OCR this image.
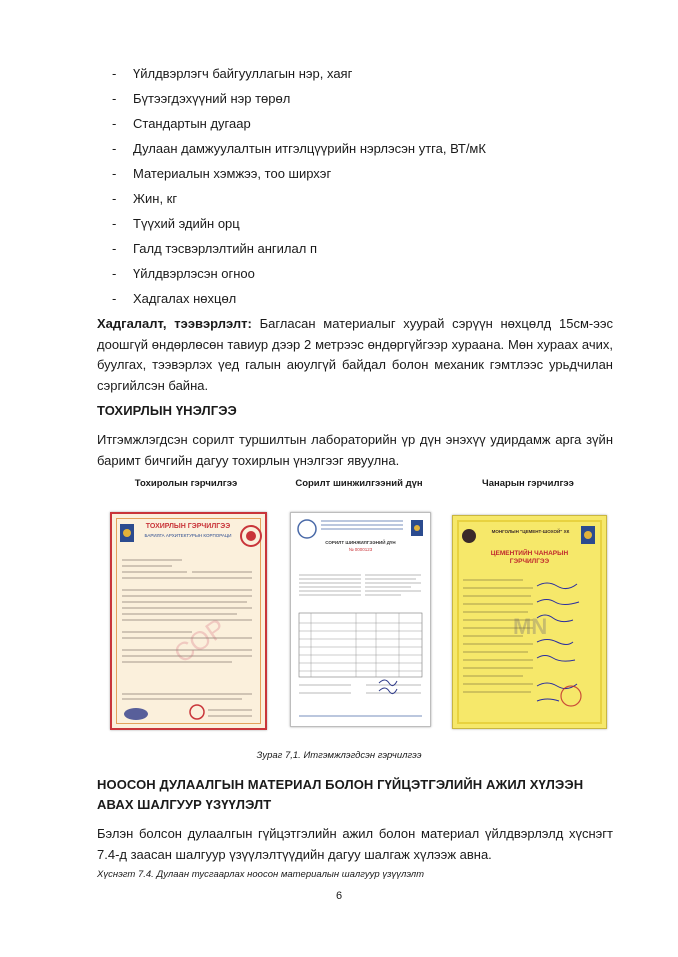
-	Үйлдвэрлэгч байгууллагын нэр, хаяг
-	Бүтээгдэхүүний нэр төрөл
-	Стандартын дугаар
-	Дулаан дамжуулалтын итгэлцүүрийн нэрлэсэн утга, ВТ/мК
-	Материалын хэмжээ, тоо ширхэг
-	Жин, кг
-	Түүхий эдийн орц
-	Галд тэсвэрлэлтийн ангилал п
-	Үйлдвэрлэсэн огноо
-	Хадгалах нөхцөл
Хадгалалт, тээвэрлэлт: Багласан материалыг хуурай сэрүүн нөхцөлд 15см-ээс доошгүй өндөрлөсөн тавиур дээр 2 метрээс өндөргүйгээр хураана. Мөн хураах ачих, буулгах, тээвэрлэх үед галын аюулгүй байдал болон механик гэмтлээс урьдчилан сэргийлсэн байна.
ТОХИРЛЫН ҮНЭЛГЭЭ
Итгэмжлэгдсэн сорилт туршилтын лабораторийн үр дүн энэхүү удирдамж арга зүйн баримт бичгийн дагуу тохирлын үнэлгээг явуулна.
Тохиролын гэрчилгээ	Сорилт шинжилгээний дүн	Чанарын гэрчилгээ
СОР
ТОХИРЛЫН ГЭРЧИЛГЭЭ
БАРИЛГА АРХИТЕКТУРЫН КОРПОРАЦИ
СОРИЛТ ШИНЖИЛГЭЭНИЙ ДҮН
№ 0000123
MN
МОНГОЛЫН "ЦЕМЕНТ-ШОХОЙ" ХК
ЦЕМЕНТИЙН ЧАНАРЫН ГЭРЧИЛГЭЭ
Зураг 7,1. Итгэмжлэгдсэн гэрчилгээ
НООСОН ДУЛААЛГЫН МАТЕРИАЛ БОЛОН ГҮЙЦЭТГЭЛИЙН АЖИЛ ХҮЛЭЭН АВАХ ШАЛГУУР ҮЗҮҮЛЭЛТ
Бэлэн болсон дулаалгын гүйцэтгэлийн ажил болон материал үйлдвэрлэлд хүснэгт 7.4-д заасан шалгуур үзүүлэлтүүдийн дагуу шалгаж хүлээж авна.
Хүснэгт 7.4. Дулаан тусгаарлах ноосон материалын шалгуур үзүүлэлт
6
